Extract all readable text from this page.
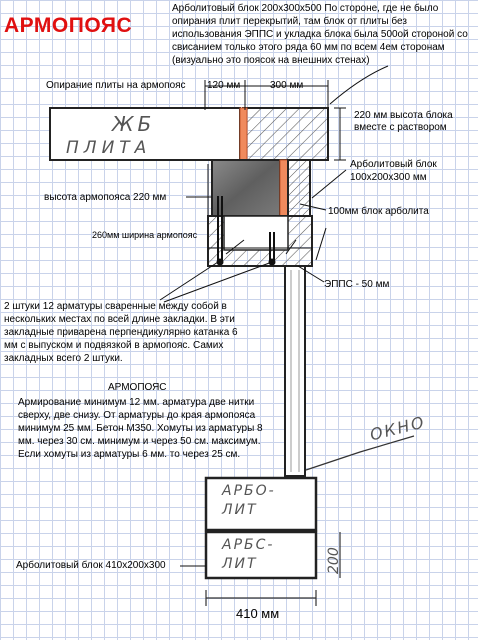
АРМОПОЯС
Арболитовый блок 200x300x500 По стороне, где не было опирания плит перекрытий, там блок от плиты без использования ЭППС и укладка блока была 500ой стороной со свисанием только этого ряда 60 мм по всем 4ем сторонам (визуально это поясок на внешних стенах)
ЖБ
ПЛИТА
АРБО-ЛИТ
АРБС-ЛИТ
ОКНО
Опирание плиты на армопояс 120 мм	300 мм
220 мм высота блока вместе с раствором
Арболитовый блок 100x200x300 мм
высота армопояса 220 мм
100мм блок арболита
260мм ширина армопояс
ЭППС - 50 мм
2 штуки 12 арматуры сваренные между собой в нескольких местах по всей длине закладки. В эти закладные приварена перпендикулярно катанка 6 мм с выпуском и подвязкой в армопояс. Самих закладных всего 2 штуки.
АРМОПОЯС
Армирование минимум 12 мм. арматура две нитки сверху, две снизу. От арматуры до края армопояса минимум 25 мм. Бетон М350. Хомуты из арматуры 8 мм. через 30 см. минимум и через 50 см. максимум. Если хомуты из арматуры 6 мм. то через 25 см.
Арболитовый блок 410x200x300	200
410 мм
